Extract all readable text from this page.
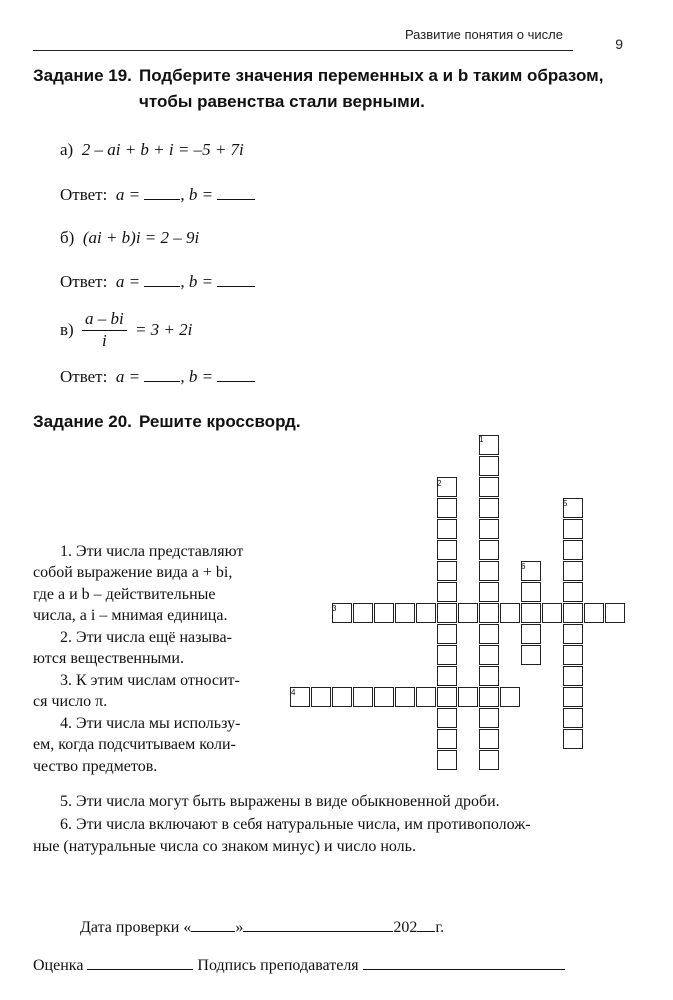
Развитие понятия о числе
9
Задание 19. Подберите значения переменных a и b таким образом,
чтобы равенства стали верными.
а) 2 – ai + b + i = –5 + 7i
Ответ: a = , b =
б) (ai + b)i = 2 – 9i
Ответ: a = , b =
$в) \frac{a - bi}{i} = 3 + 2i$
Ответ: a = , b =
Задание 20. Решите кроссворд.
1. Эти числа представляют
собой выражение вида a + bi,
где a и b – действительные
числа, а i – мнимая единица.
2. Эти числа ещё называ-
ются вещественными.
3. К этим числам относит-
ся число π.
4. Эти числа мы использу-
ем, когда подсчитываем коли-
чество предметов.
1
2
3
4
5
6
5. Эти числа могут быть выражены в виде обыкновенной дроби.
6. Эти числа включают в себя натуральные числа, им противополож-
ные (натуральные числа со знаком минус) и число ноль.
Дата проверки «	»	202 г.
Оценка	Подпись преподавателя
